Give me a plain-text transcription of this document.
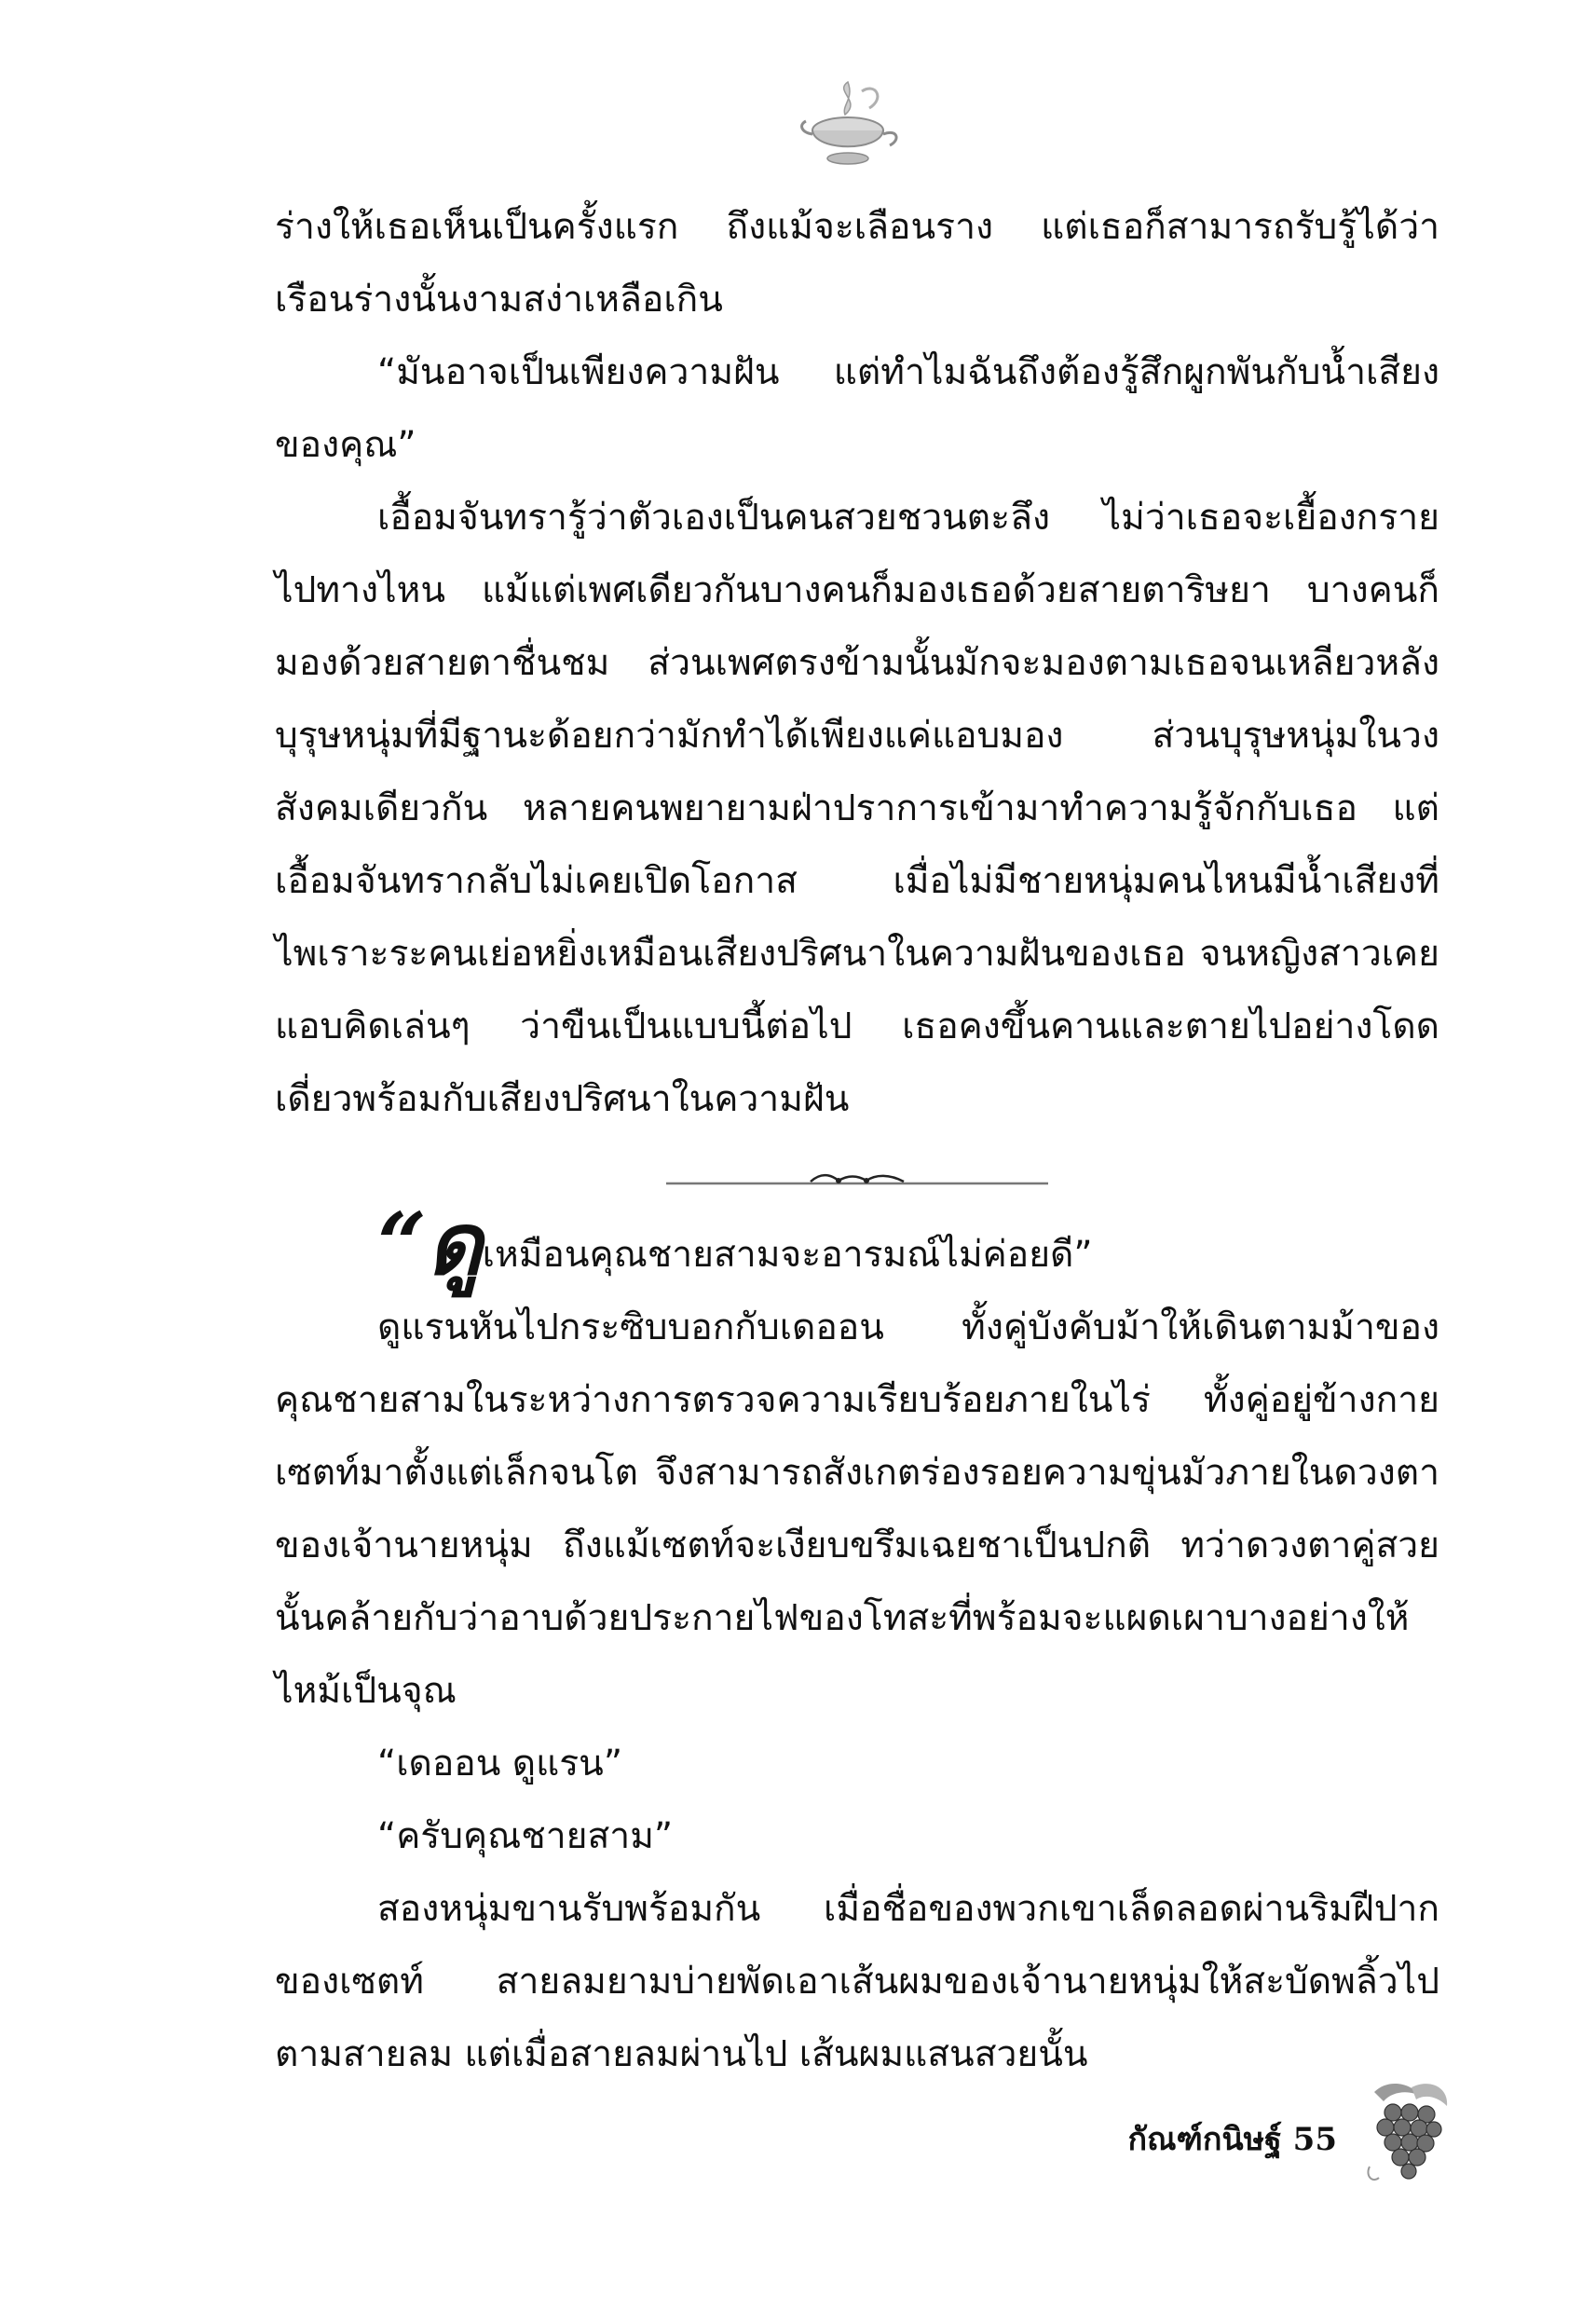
ร่างให้เธอเห็นเป็นครั้งแรก ถึงแม้จะเลือนราง แต่เธอก็สามารถรับรู้ได้ว่าเรือนร่างนั้นงามสง่าเหลือเกิน

“มันอาจเป็นเพียงความฝัน แต่ทำไมฉันถึงต้องรู้สึกผูกพันกับน้ำเสียงของคุณ”

เอื้อมจันทรารู้ว่าตัวเองเป็นคนสวยชวนตะลึง ไม่ว่าเธอจะเยื้องกรายไปทางไหน แม้แต่เพศเดียวกันบางคนก็มองเธอด้วยสายตาริษยา บางคนก็มองด้วยสายตาชื่นชม ส่วนเพศตรงข้ามนั้นมักจะมองตามเธอจนเหลียวหลัง บุรุษหนุ่มที่มีฐานะด้อยกว่ามักทำได้เพียงแค่แอบมอง ส่วนบุรุษหนุ่มในวงสังคมเดียวกัน หลายคนพยายามฝ่าปราการเข้ามาทำความรู้จักกับเธอ แต่เอื้อมจันทรากลับไม่เคยเปิดโอกาส เมื่อไม่มีชายหนุ่มคนไหนมีน้ำเสียงที่ไพเราะระคนเย่อหยิ่งเหมือนเสียงปริศนาในความฝันของเธอ จนหญิงสาวเคยแอบคิดเล่นๆ ว่าขืนเป็นแบบนี้ต่อไป เธอคงขึ้นคานและตายไปอย่างโดดเดี่ยวพร้อมกับเสียงปริศนาในความฝัน

“ดูเหมือนคุณชายสามจะอารมณ์ไม่ค่อยดี”

ดูแรนหันไปกระซิบบอกกับเดออน ทั้งคู่บังคับม้าให้เดินตามม้าของคุณชายสามในระหว่างการตรวจความเรียบร้อยภายในไร่ ทั้งคู่อยู่ข้างกายเซตท์มาตั้งแต่เล็กจนโต จึงสามารถสังเกตร่องรอยความขุ่นมัวภายในดวงตาของเจ้านายหนุ่ม ถึงแม้เซตท์จะเงียบขรึมเฉยชาเป็นปกติ ทว่าดวงตาคู่สวยนั้นคล้ายกับว่าอาบด้วยประกายไฟของโทสะที่พร้อมจะแผดเผาบางอย่างให้ไหม้เป็นจุณ

“เดออน ดูแรน”

“ครับคุณชายสาม”

สองหนุ่มขานรับพร้อมกัน เมื่อชื่อของพวกเขาเล็ดลอดผ่านริมฝีปากของเซตท์ สายลมยามบ่ายพัดเอาเส้นผมของเจ้านายหนุ่มให้สะบัดพลิ้วไปตามสายลม แต่เมื่อสายลมผ่านไป เส้นผมแสนสวยนั้น

กัณฑ์กนิษฐ์ 55
